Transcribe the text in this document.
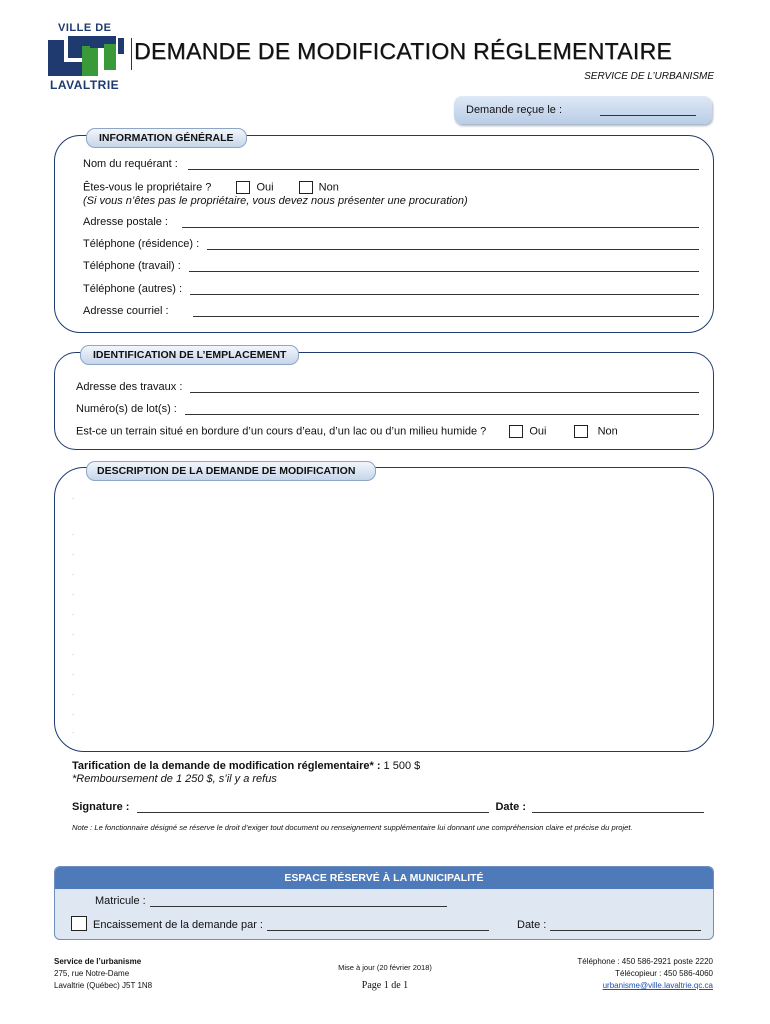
VILLE DE
LAVALTRIE
DEMANDE DE MODIFICATION RÉGLEMENTAIRE
SERVICE DE L’URBANISME
Demande reçue le :
INFORMATION GÉNÉRALE
Nom du requérant :
Êtes-vous le propriétaire ?	Oui	Non
(Si vous n’êtes pas le propriétaire, vous devez nous présenter une procuration)
Adresse postale :
Téléphone (résidence) :
Téléphone (travail) :
Téléphone (autres) :
Adresse courriel :
IDENTIFICATION DE L’EMPLACEMENT
Adresse des travaux :
Numéro(s) de lot(s) :
Est-ce un terrain situé en bordure d’un cours d’eau, d’un lac ou d’un milieu humide ?	Oui	Non
DESCRIPTION DE LA DEMANDE DE MODIFICATION
.
.
.
.
.
.
.
.
.
.
.
.
Tarification de la demande de modification réglementaire* : 1 500 $
*Remboursement de 1 250 $, s’il y a refus
Signature :	Date :
Note : Le fonctionnaire désigné se réserve le droit d’exiger tout document ou renseignement supplémentaire lui donnant une compréhension claire et précise du projet.
ESPACE RÉSERVÉ À LA MUNICIPALITÉ
Matricule :
Encaissement de la demande par :	Date :
Service de l’urbanisme
275, rue Notre-Dame
Lavaltrie (Québec) J5T 1N8
Mise à jour (20 février 2018)
Page 1 de 1
Téléphone : 450 586-2921 poste 2220
Télécopieur : 450 586-4060
urbanisme@ville.lavaltrie.qc.ca
